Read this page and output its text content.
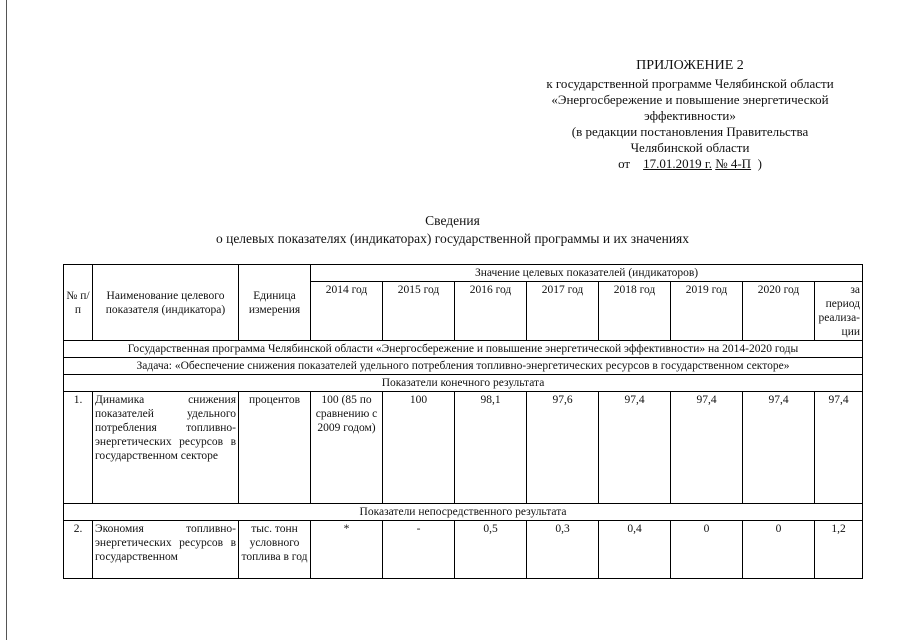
ПРИЛОЖЕНИЕ 2
к государственной программе Челябинской области
«Энергосбережение и повышение энергетической
эффективности»
(в редакции постановления Правительства
Челябинской области
от 17.01.2019 г. № 4-П )
Сведения
о целевых показателях (индикаторах) государственной программы и их значениях
№ п/п	Наименование целевого показателя (индикатора)	Единица измерения	Значение целевых показателей (индикаторов)							
			2014 год	2015 год	2016 год	2017 год	2018 год	2019 год	2020 год	за период реализа-ции
Государственная программа Челябинской области «Энергосбережение и повышение энергетической эффективности» на 2014-2020 годы										
Задача: «Обеспечение снижения показателей удельного потребления топливно-энергетических ресурсов в государственном секторе»										
Показатели конечного результата										
1.	Динамика снижения показателей удельного потребления топливно-энергетических ресурсов в государственном секторе	процентов	100 (85 по сравнению с 2009 годом)	100	98,1	97,6	97,4	97,4	97,4	97,4
Показатели непосредственного результата										
2.	Экономия топливно-энергетических ресурсов в государственном	тыс. тонн условного топлива в год	*	-	0,5	0,3	0,4	0	0	1,2
